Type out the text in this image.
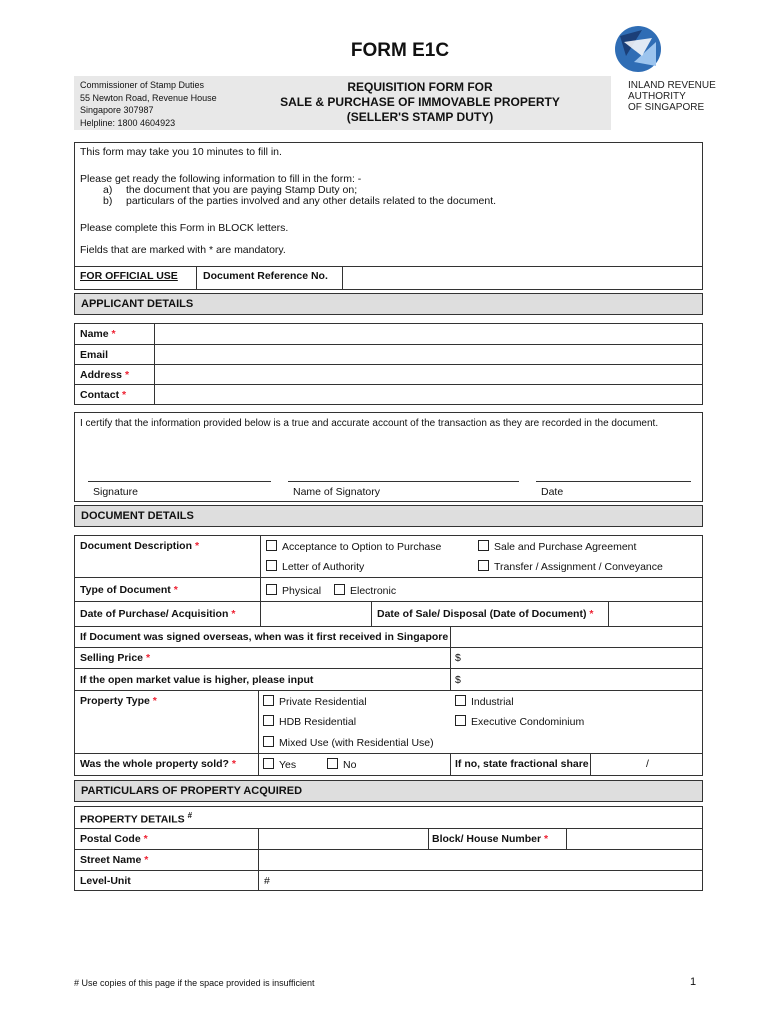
FORM E1C
Commissioner of Stamp Duties
55 Newton Road, Revenue House
Singapore 307987
Helpline: 1800 4604923
REQUISITION FORM FOR
SALE & PURCHASE OF IMMOVABLE PROPERTY
(SELLER'S STAMP DUTY)
INLAND REVENUE
AUTHORITY
OF SINGAPORE
This form may take you 10 minutes to fill in.
Please get ready the following information to fill in the form: -
a) the document that you are paying Stamp Duty on;
b) particulars of the parties involved and any other details related to the document.
Please complete this Form in BLOCK letters.
Fields that are marked with * are mandatory.
FOR OFFICIAL USE Document Reference No.
APPLICANT DETAILS
Name *
Email
Address *
Contact *
I certify that the information provided below is a true and accurate account of the transaction as they are recorded in the document.
Signature	Name of Signatory	Date
DOCUMENT DETAILS
Document Description *	Acceptance to Option to Purchase	Sale and Purchase Agreement
Letter of Authority	Transfer / Assignment / Conveyance
Type of Document *	Physical	Electronic
Date of Purchase/ Acquisition *	Date of Sale/ Disposal (Date of Document) *
If Document was signed overseas, when was it first received in Singapore
Selling Price *	$
If the open market value is higher, please input	$
Property Type *	Private Residential	Industrial
HDB Residential	Executive Condominium
Mixed Use (with Residential Use)
Was the whole property sold? *	Yes	No	If no, state fractional share	/
PARTICULARS OF PROPERTY ACQUIRED
PROPERTY DETAILS #
Postal Code *	Block/ House Number *
Street Name *
Level-Unit	#
# Use copies of this page if the space provided is insufficient	1
